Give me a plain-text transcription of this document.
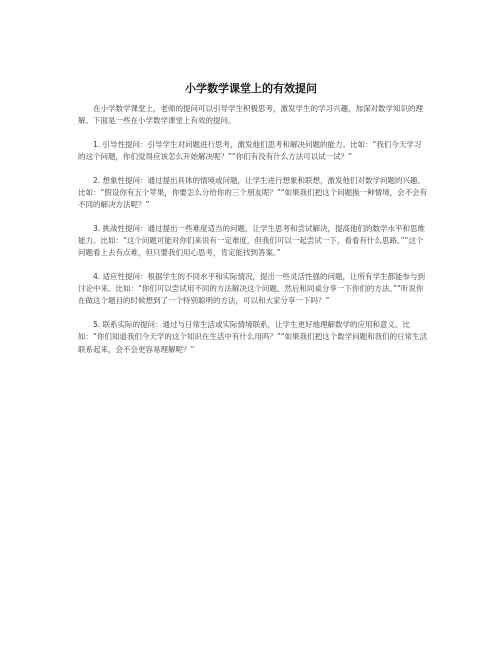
小学数学课堂上的有效提问

在小学数学课堂上，老师的提问可以引导学生积极思考，激发学生的学习兴趣，加深对数学知识的理解。下面是一些在小学数学课堂上有效的提问。

1. 引导性提问：引导学生对问题进行思考，激发他们思考和解决问题的能力。比如：“我们今天学习的这个问题，你们觉得应该怎么开始解决呢？”“你们有没有什么方法可以试一试？”

2. 想象性提问：通过提出具体的情境或问题，让学生进行想象和联想，激发他们对数学问题的兴趣。比如：“假设你有五个苹果，你要怎么分给你的三个朋友呢？”“如果我们把这个问题换一种情境，会不会有不同的解决方法呢？”

3. 挑战性提问：通过提出一些难度适当的问题，让学生思考和尝试解决，提高他们的数学水平和思维能力。比如：“这个问题可能对你们来说有一定难度，但我们可以一起尝试一下，看看有什么思路。”“这个问题看上去有点难，但只要我们用心思考，肯定能找到答案。”

4. 适应性提问：根据学生的不同水平和实际情况，提出一些灵活性强的问题，让所有学生都能参与到讨论中来。比如：“你们可以尝试用不同的方法解决这个问题，然后和同桌分享一下你们的方法。”“听说你在做这个题目的时候想到了一个特别聪明的方法，可以和大家分享一下吗？”

5. 联系实际的提问：通过与日常生活或实际情境联系，让学生更好地理解数学的应用和意义。比如：“你们知道我们今天学的这个知识在生活中有什么用吗？”“如果我们把这个数学问题和我们的日常生活联系起来，会不会更容易理解呢？”
